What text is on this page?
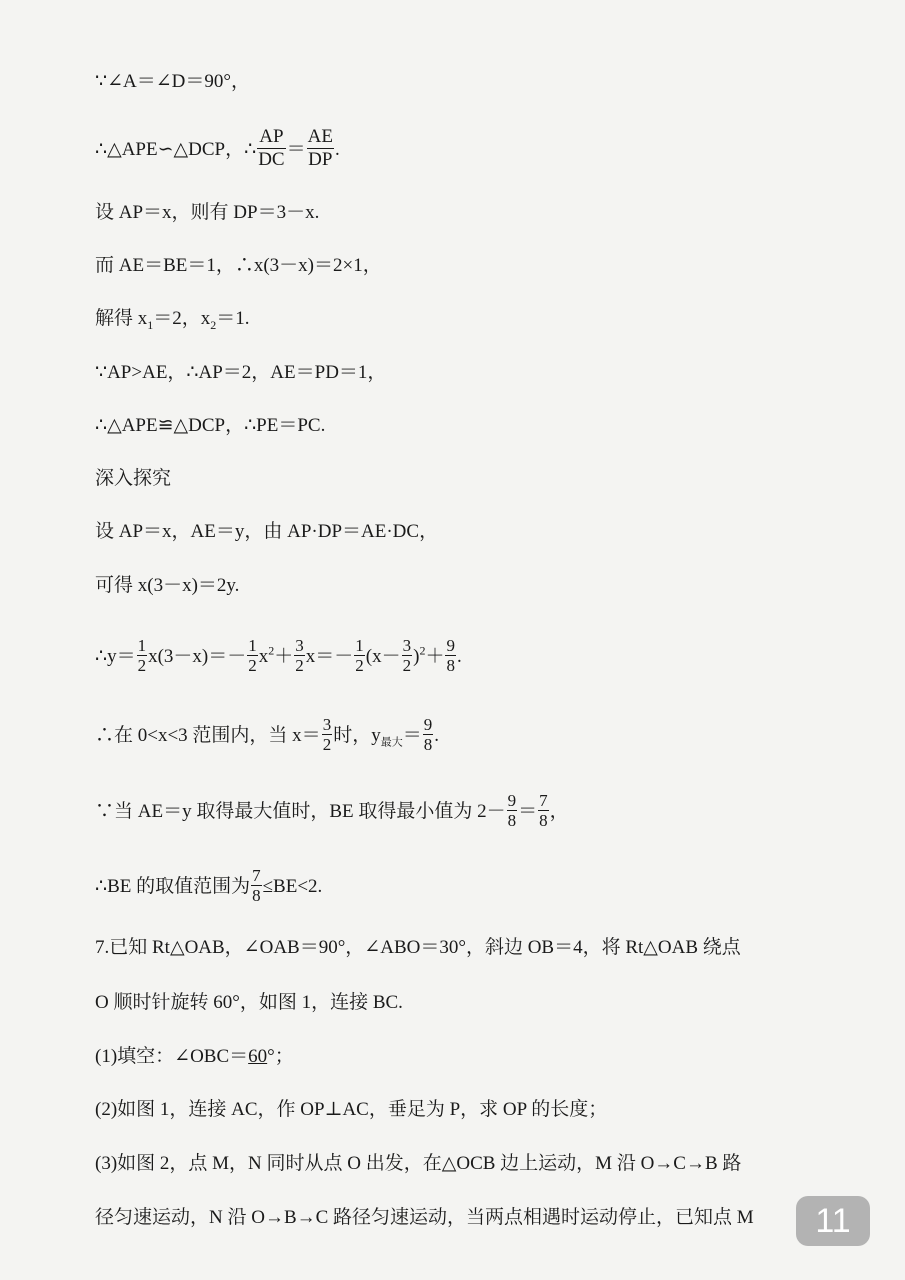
∵∠A＝∠D＝90°，
∴△APE∽△DCP，∴ $\frac{AP}{DC} = \frac{AE}{DP}$ .
设 AP＝x，则有 DP＝3－x.
而 AE＝BE＝1，∴x(3－x)＝2×1，
解得 $x_1=2$，$x_2=1$.
∵AP>AE，∴AP＝2，AE＝PD＝1，
∴△APE≌△DCP，∴PE＝PC.
深入探究
设 AP＝x，AE＝y，由 AP·DP＝AE·DC，
可得 x(3－x)＝2y.
∴y＝ $\frac{1}{2} x(3-x)=- \frac{1}{2} x^2+ \frac{3}{2} x=- \frac{1}{2} (x- \frac{3}{2} )^2+ \frac{9}{8}$ .
∴在 0<x<3 范围内，当 $x= \frac{3}{2}$ 时，$y_{最大}= \frac{9}{8}$ .
∵当 AE＝y 取得最大值时，BE 取得最小值为 $2- \frac{9}{8} = \frac{7}{8}$ ，
∴BE 的取值范围为 $\frac{7}{8} \le BE<2$.
7.已知 Rt△OAB，∠OAB＝90°，∠ABO＝30°，斜边 OB＝4，将 Rt△OAB 绕点
O 顺时针旋转 60°，如图 1，连接 BC.
(1)填空：∠OBC＝60°；
(2)如图 1，连接 AC，作 OP⊥AC，垂足为 P，求 OP 的长度；
(3)如图 2，点 M，N 同时从点 O 出发，在△OCB 边上运动，M 沿 O→C→B 路
径匀速运动，N 沿 O→B→C 路径匀速运动，当两点相遇时运动停止，已知点 M	11
